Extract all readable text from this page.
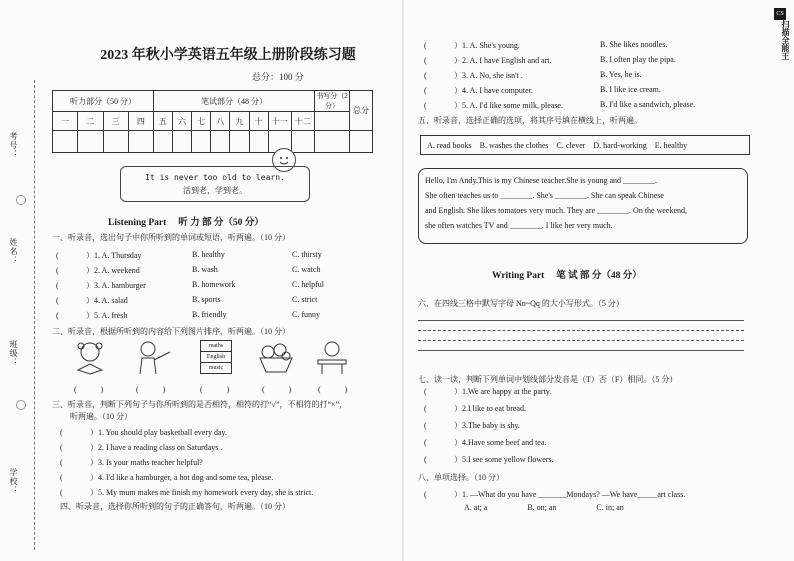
考号：
姓名：
班级：
学校：
2023 年秋小学英语五年级上册阶段练习题
总分：100 分
听力部分（50 分）				笔试部分（48 分）								书写分（2 分）	总分
一	二	三	四	五	六	七	八	九	十	十一	十二		

It is never too old to learn.
活到老，学到老。
Listening Part　 听 力 部 分（50 分）
一、听录音，选出句子中你所听到的单词或短语，听两遍。（10 分）
(	）1. A. Thursday	B. healthy	C. thirsty
(	）2. A. weekend	B. wash	C. watch
(	）3. A. hamburger	B. homework	C. helpful
(	）4. A. salad	B. sports	C. strict
(	）5. A. fresh	B. friendly	C. funny
二、听录音，根据所听到的内容给下列图片排序，听两遍。（10 分）
maths
English
music
(　　　)	(　　　)	(　　　)	(　　　)	(　　　)
三、听录音，判断下列句子与你所听到的是否相符，相符的打“√”，不相符的打“×”，
听两遍。（10 分）
(	）1. You should play basketball every day.
(	）2. I have a reading class on Saturdays .
(	）3. Is your maths teacher helpful?
(	）4. I'd like a hamburger, a hot dog and some tea, please.
(	）5. My mum makes me finish my homework every day, she is strict.
四、听录音，选择你所听到的句子的正确答句，听两遍。（10 分）
CS
扫描全能王
(	）1. A. She's young.	B. She likes noodles.
(	）2. A. I have English and art.	B. I often play the pipa.
(	）3. A. No, she isn't .	B. Yes, he is.
(	）4. A. I have computer.	B. I like ice cream.
(	）5. A. I'd like some milk, please.	B. I'd like a sandwich, please.
五、听录音，选择正确的选项，将其序号填在横线上，听两遍。
A. read books B. washes the clothes C. clever D. hard-working E. healthy
Hello, I'm Andy.This is my Chinese teacher.She is young and ________.
She often teaches us to ________. She's ________. She can speak Chinese
and English. She likes tomatoes very much. They are ________. On the weekend,
she often watches TV and ________. I like her very much.
Writing Part　 笔 试 部 分（48 分）
六、在四线三格中默写字母 Nn~Qq 的大小写形式。（5 分）
七、读一读，判断下列单词中划线部分发音是（T）否（F）相同。（5 分）
(	）1.We are happy at the party.
(	）2.I like to eat bread.
(	）3.The baby is shy.
(	）4.Have some beef and tea.
(	）5.I see some yellow flowers.
八、单项选择。（10 分）
(	）1. —What do you have _______Mondays? —We have_____art class.
A. at; a　　　　　B. on; an　　　　　C. in; an
